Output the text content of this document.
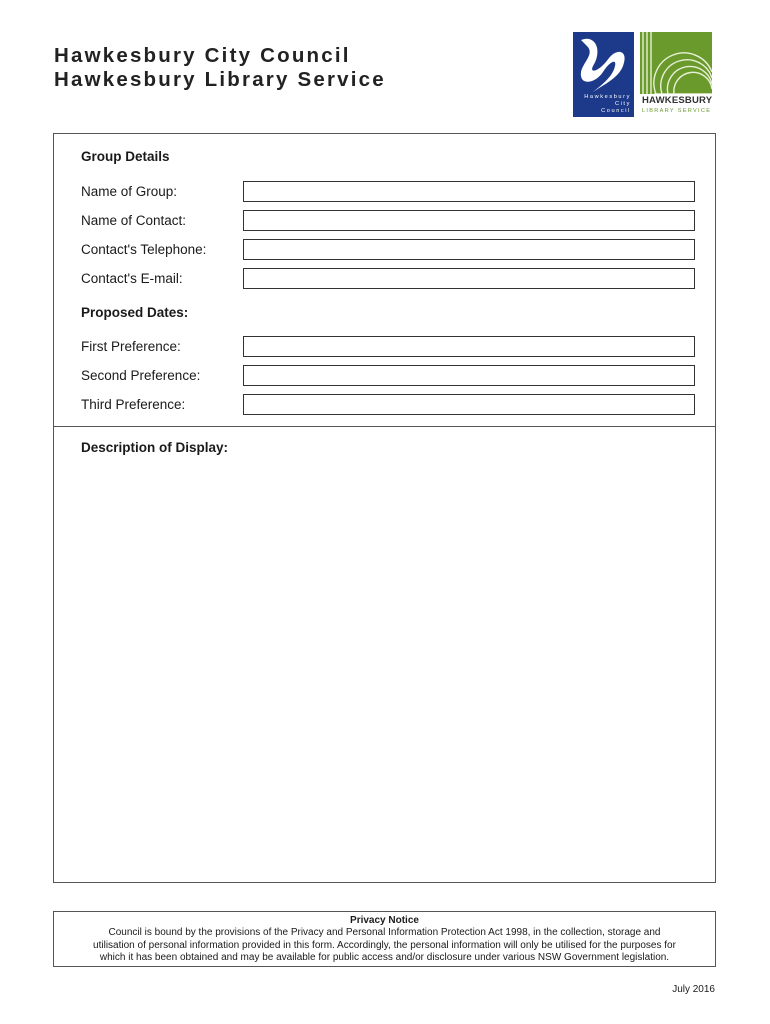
Hawkesbury City Council
Hawkesbury Library Service
Hawkesbury
City
Council
HAWKESBURY
LIBRARY SERVICE
Group Details
Name of Group:
Name of Contact:
Contact's Telephone:
Contact's E-mail:
Proposed Dates:
First Preference:
Second Preference:
Third Preference:
Description of Display:
Privacy Notice
Council is bound by the provisions of the Privacy and Personal Information Protection Act 1998, in the collection, storage and
utilisation of personal information provided in this form. Accordingly, the personal information will only be utilised for the purposes for
which it has been obtained and may be available for public access and/or disclosure under various NSW Government legislation.
July 2016
